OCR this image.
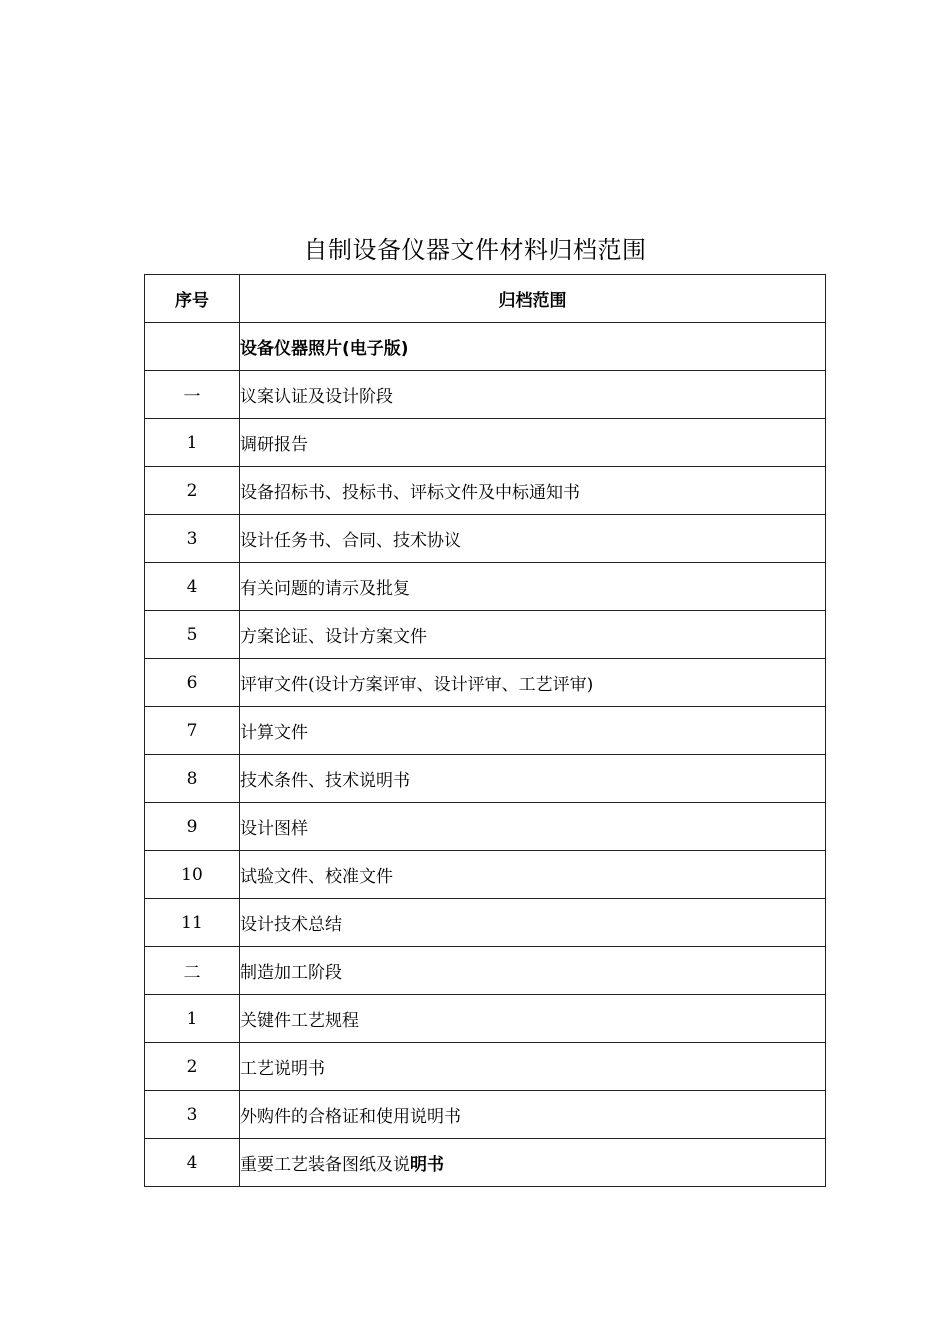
自制设备仪器文件材料归档范围
序号	归档范围
	设备仪器照片(电子版)
一	议案认证及设计阶段
1	调研报告
2	设备招标书、投标书、评标文件及中标通知书
3	设计任务书、合同、技术协议
4	有关问题的请示及批复
5	方案论证、设计方案文件
6	评审文件(设计方案评审、设计评审、工艺评审)
7	计算文件
8	技术条件、技术说明书
9	设计图样
10	试验文件、校准文件
11	设计技术总结
二	制造加工阶段
1	关键件工艺规程
2	工艺说明书
3	外购件的合格证和使用说明书
4	重要工艺装备图纸及说明书
